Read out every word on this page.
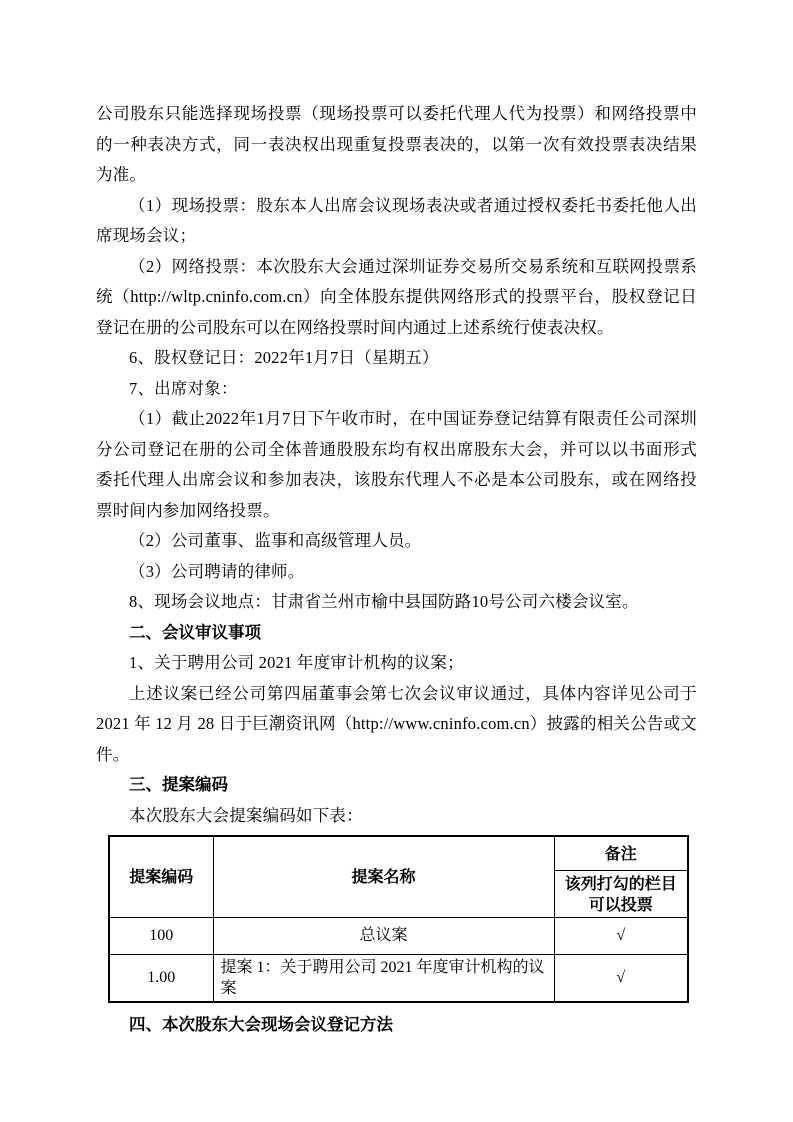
公司股东只能选择现场投票（现场投票可以委托代理人代为投票）和网络投票中的一种表决方式，同一表决权出现重复投票表决的，以第一次有效投票表决结果为准。

（1）现场投票：股东本人出席会议现场表决或者通过授权委托书委托他人出席现场会议；

（2）网络投票：本次股东大会通过深圳证券交易所交易系统和互联网投票系统（http://wltp.cninfo.com.cn）向全体股东提供网络形式的投票平台，股权登记日登记在册的公司股东可以在网络投票时间内通过上述系统行使表决权。

6、股权登记日：2022年1月7日（星期五）

7、出席对象：

（1）截止2022年1月7日下午收市时，在中国证券登记结算有限责任公司深圳分公司登记在册的公司全体普通股股东均有权出席股东大会，并可以以书面形式委托代理人出席会议和参加表决，该股东代理人不必是本公司股东，或在网络投票时间内参加网络投票。

（2）公司董事、监事和高级管理人员。

（3）公司聘请的律师。

8、现场会议地点：甘肃省兰州市榆中县国防路10号公司六楼会议室。

二、会议审议事项

1、关于聘用公司 2021 年度审计机构的议案；

上述议案已经公司第四届董事会第七次会议审议通过，具体内容详见公司于 2021 年 12 月 28 日于巨潮资讯网（http://www.cninfo.com.cn）披露的相关公告或文件。

三、提案编码

本次股东大会提案编码如下表：

提案编码	提案名称	备注
		该列打勾的栏目可以投票
100	总议案	√
1.00	提案 1：关于聘用公司 2021 年度审计机构的议案	√

四、本次股东大会现场会议登记方法
